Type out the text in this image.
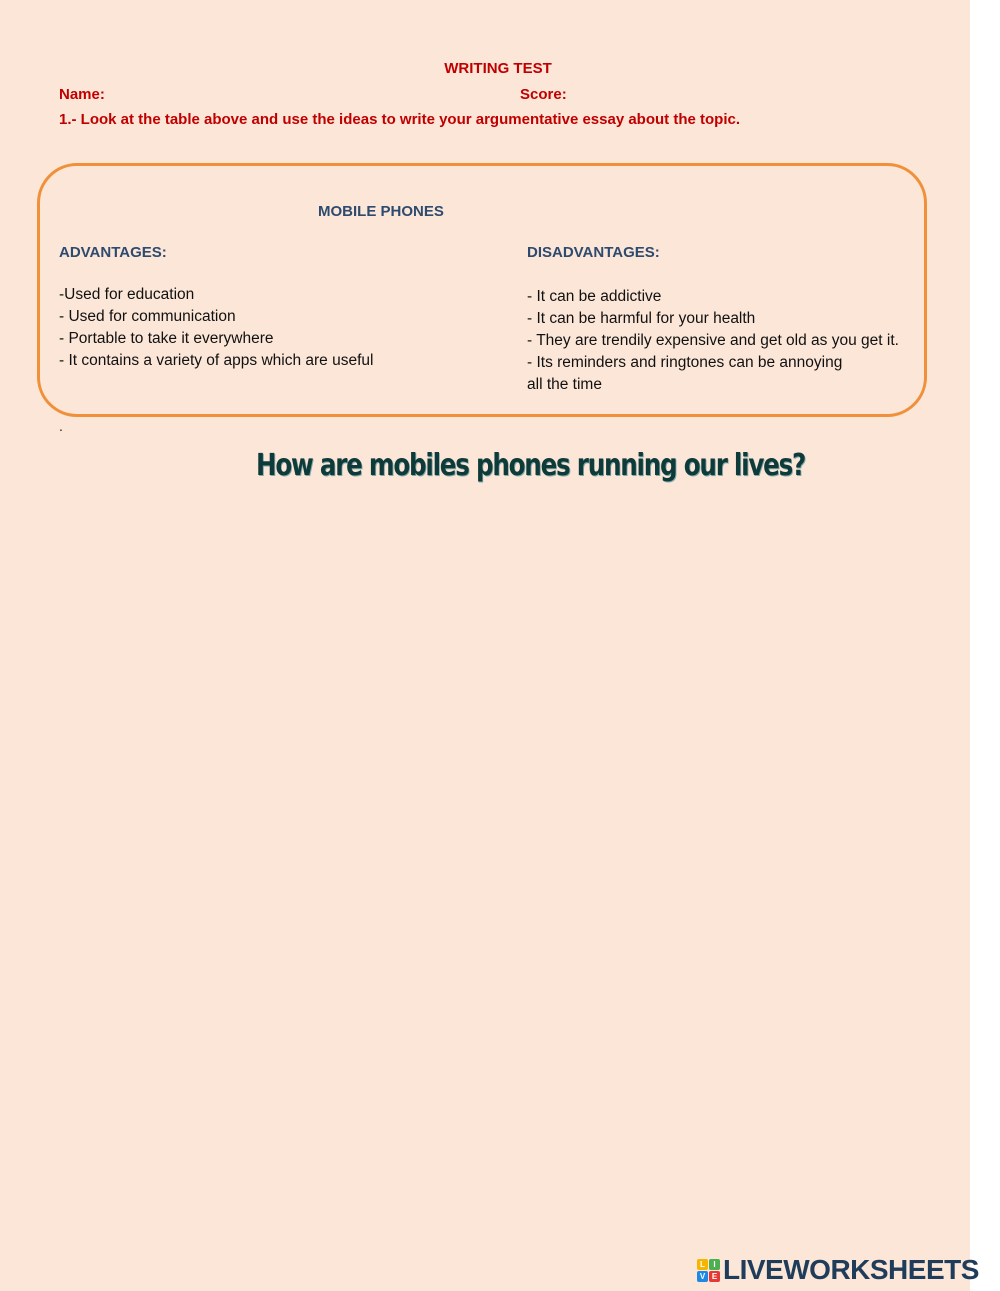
WRITING TEST
Name:	Score:
1.- Look at the table above and use the ideas to write your argumentative essay about the topic.
MOBILE PHONES
ADVANTAGES:	DISADVANTAGES:
-Used for education
- Used for communication
- Portable to take it everywhere
- It contains a variety of apps which are useful
- It can be addictive
- It can be harmful for your health
- They are trendily expensive and get old as you get it.
- Its reminders and ringtones can be annoying
all the time
.
How are mobiles phones running our lives?
L	I
V E LIVEWORKSHEETS
